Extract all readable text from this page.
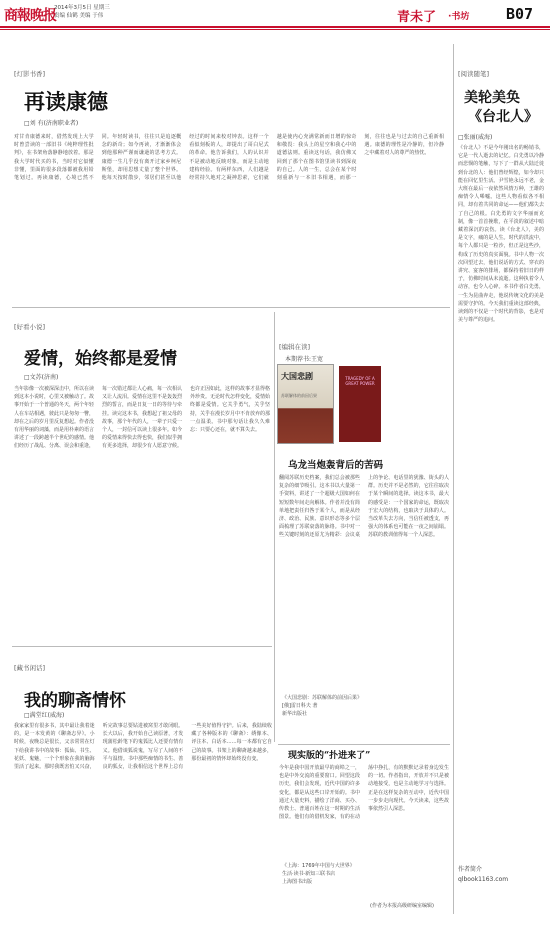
商報晚报
2014年3月5日 星期三
责编 仙鹤 美编 于伟	青未了 ·书坊 B07
[灯影书香]
再读康德
□刘 有(济南职业者)
对甘肯康德来时，借然发现上大学时曾尝读的一部旧书《纯粹理性批判》，在书架角落静静地放着。那是我大学时代买的书，当时对它似懂非懂，里面的很多段落都被我用铅笔划过。再读康德，心境已然不同。年轻时读书，往往只是追逐概念的新奇；如今再读，才渐渐体会到他那种严谨而谦逊的思考方式。康德一生几乎没有离开过家乡柯尼斯堡，却用思想丈量了整个世界。他每天按时散步，邻居们甚至以他经过的时间来校对钟表。这样一个看似刻板的人，却提出了哥白尼式的革命。他告诉我们，人的认识并不是被动地反映对象，而是主动地建构经验。有两样东西，人们越是经常持久地对之凝神思索，它们就越是使内心充满常新而日增的惊奇和敬畏：我头上的星空和我心中的道德法则。重读这句话，我仿佛又回到了那个在图书馆里读书到深夜的自己。人的一生，总会在某个时刻重新与一本旧书相遇，而那一刻，往往也是与过去的自己重新相遇。康德的理性是冷静的，但冷静之中藏着对人的尊严的热忱。
[阅读随笔]
美轮美奂
《台北人》
□张丽(威海)
《台北人》不是今年刚出名的畅销书，它是一代人逝去的记忆。白先勇以冷静而悲悯的笔触，写下了一群从大陆迁徙到台北的人：他们曾经辉煌，如今却只能在回忆里生活。尹雪艳永远不老，金大班在最后一夜依然风情万种，王雄的痴情令人唏嘘。这些人物看似各不相同，却有着共同的命运——他们都失去了自己的根。白先勇的文字华丽而克制，像一首首挽歌，在平淡的叙述中暗藏着深沉的哀伤。读《台北人》，美的是文字，痛的是人生。时代的洪流中，每个人都只是一粒沙，但正是这些沙，构成了历史的真实面貌。书中人物一次次回望过去，他们说话的方式、穿衣的讲究、宴客的排场，都保持着旧日的样子，仿佛时间从未流逝。这种执着令人动容，也令人心碎。本书作者白先勇，一生为昆曲奔走，他说传统文化的美是需要守护的。今天我们重读这部经典，读到的不仅是一个时代的背影，也是对美与尊严的追问。
作者简介
qlbook1163.com
[好看小说]
爱情，始终都是爱情
□文苏(济南)
当年影像一次被深深击中，所以在读到这本小说时，心里又被触动了。故事开始于一个普通的冬天，两个年轻人在车站相遇，彼此只是匆匆一瞥，却在之后的岁月里反复想起。作者没有用华丽的词藻，而是用朴素的语言讲述了一段跨越半个世纪的感情。他们经历了战乱、分离、误会和重逢，每一次错过都让人心痛，每一次相认又让人流泪。爱情在这里不是轰轰烈烈的誓言，而是日复一日的等待与牵挂。读完这本书，我想起了祖父母的故事，那个年代的人，一辈子只爱一个人，一封信可以读上很多年。如今的爱情来得快去得也快，我们似乎拥有更多选择，却很少有人愿意守候。也许正因如此，这样的故事才显得格外珍贵。无论时代怎样变化，爱情始终都是爱情。它关乎勇气，关乎坚持，关乎在漫长岁月中不肯放弃的那一点温柔。书中那句话让我久久难忘：只要心还在，就不算失去。
[编辑在读]
本期荐书:王宽
大国悲剧
苏联解体的前因后果
TRAGEDY OF A GREAT POWER
乌龙当炮轰背后的苦码
翻阅苏联历史档案，我们总会被那些复杂的细节吸引。这本书以大量第一手资料，讲述了一个超级大国如何在短短数年间走向解体。作者并没有简单地把责任归咎于某个人，而是从经济、政治、民族、意识形态等多个层面梳理了苏联衰落的脉络。书中对一些关键时刻的还原尤为精彩：会议桌上的争论、电话里的犹豫、街头的人群。历史并不是必然的，它往往取决于某个瞬间的选择。读这本书，最大的感受是：一个国家的命运，既取决于宏大的结构，也取决于具体的人。当改革失去方向，当信任被透支，再强大的体系也可能在一夜之间崩塌。苏联的教训值得每一个人深思。
《大国悲剧：苏联解体的前因后果》
[俄]雷日科夫 著
新华出版社
[藏书闲话]
我的聊斋情怀
□满堂红(威海)
我家家里有很多书，其中最让我着迷的，是一本发黄的《聊斋志异》。小时候，夜晚总是很长，父亲常常在灯下给我讲书中的故事：狐仙、书生、花妖、鬼魅，一个个形象在我的脑海里活了起来。那时我既害怕又兴奋，听完故事总要钻进被窝里才敢闭眼。长大以后，我开始自己读原著，才发现蒲松龄笔下的鬼狐比人还要有情有义。他借谈狐说鬼，写尽了人间的不平与温情。书中那些痴情的书生、善良的狐女，让我相信这个世界上总有一些美好值得守护。后来，我陆续收藏了各种版本的《聊斋》：绣像本、评注本、白话本……每一本都有它自己的故事。书架上的聊斋越来越多，那份最初的情怀却始终没有变。	现实版的“扑进来了”
今年是我中国开放最早的商埠之一，也是中外交流的重要窗口。回望这段历史，我们会发现，近代中国的许多变化，都是从这些口岸开始的。书中通过大量史料，描绘了洋商、买办、传教士、普通百姓在这一时期的生活图景。他们有的借机发家，有的在动荡中挣扎，有的默默记录着身边发生的一切。作者指出，开放并不只是被动地接受，也是主动地学习与选择。正是在这样复杂的互动中，近代中国一步步走向现代。今天读来，这些故事依然引人深思。
《上海：1769年中国与大世界》
生活·读书·新知三联书店
上海图书出版
(作者为本报高级研编室编辑)
